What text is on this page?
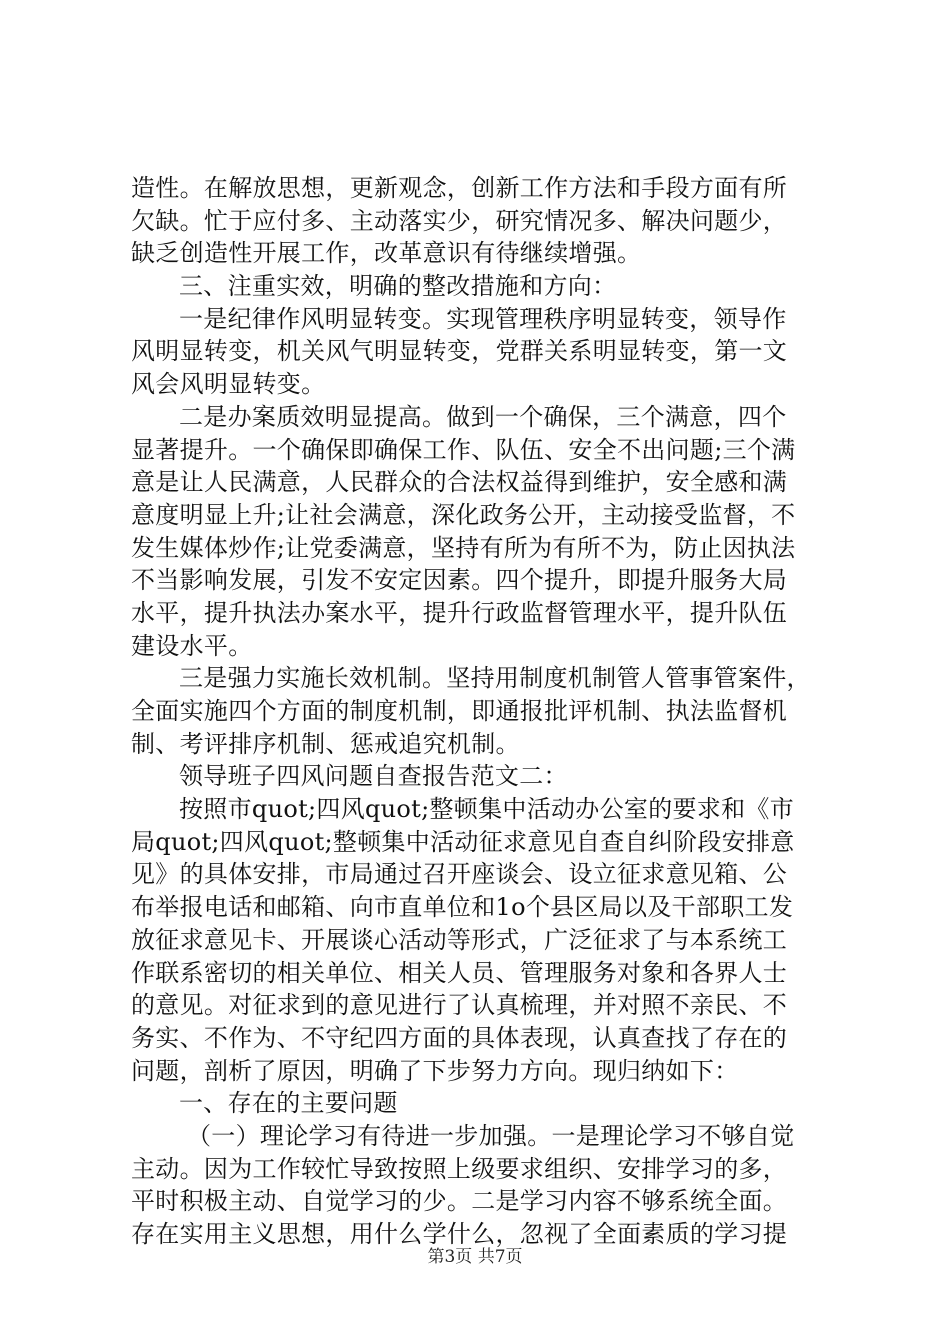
造性。在解放思想，更新观念，创新工作方法和手段方面有所
欠缺。忙于应付多、主动落实少，研究情况多、解决问题少，
缺乏创造性开展工作，改革意识有待继续增强。
三、注重实效，明确的整改措施和方向：
一是纪律作风明显转变。实现管理秩序明显转变，领导作
风明显转变，机关风气明显转变，党群关系明显转变，第一文
风会风明显转变。
二是办案质效明显提高。做到一个确保，三个满意，四个
显著提升。一个确保即确保工作、队伍、安全不出问题;三个满
意是让人民满意，人民群众的合法权益得到维护，安全感和满
意度明显上升;让社会满意，深化政务公开，主动接受监督，不
发生媒体炒作;让党委满意，坚持有所为有所不为，防止因执法
不当影响发展，引发不安定因素。四个提升，即提升服务大局
水平，提升执法办案水平，提升行政监督管理水平，提升队伍
建设水平。
三是强力实施长效机制。坚持用制度机制管人管事管案件，
全面实施四个方面的制度机制，即通报批评机制、执法监督机
制、考评排序机制、惩戒追究机制。
领导班子四风问题自查报告范文二：
按照市quot;四风quot;整顿集中活动办公室的要求和《市
局quot;四风quot;整顿集中活动征求意见自查自纠阶段安排意
见》的具体安排，市局通过召开座谈会、设立征求意见箱、公
布举报电话和邮箱、向市直单位和1o个县区局以及干部职工发
放征求意见卡、开展谈心活动等形式，广泛征求了与本系统工
作联系密切的相关单位、相关人员、管理服务对象和各界人士
的意见。对征求到的意见进行了认真梳理，并对照不亲民、不
务实、不作为、不守纪四方面的具体表现，认真查找了存在的
问题，剖析了原因，明确了下步努力方向。现归纳如下：
一、存在的主要问题
（一）理论学习有待进一步加强。一是理论学习不够自觉
主动。因为工作较忙导致按照上级要求组织、安排学习的多，
平时积极主动、自觉学习的少。二是学习内容不够系统全面。
存在实用主义思想，用什么学什么，忽视了全面素质的学习提
第3页 共7页
